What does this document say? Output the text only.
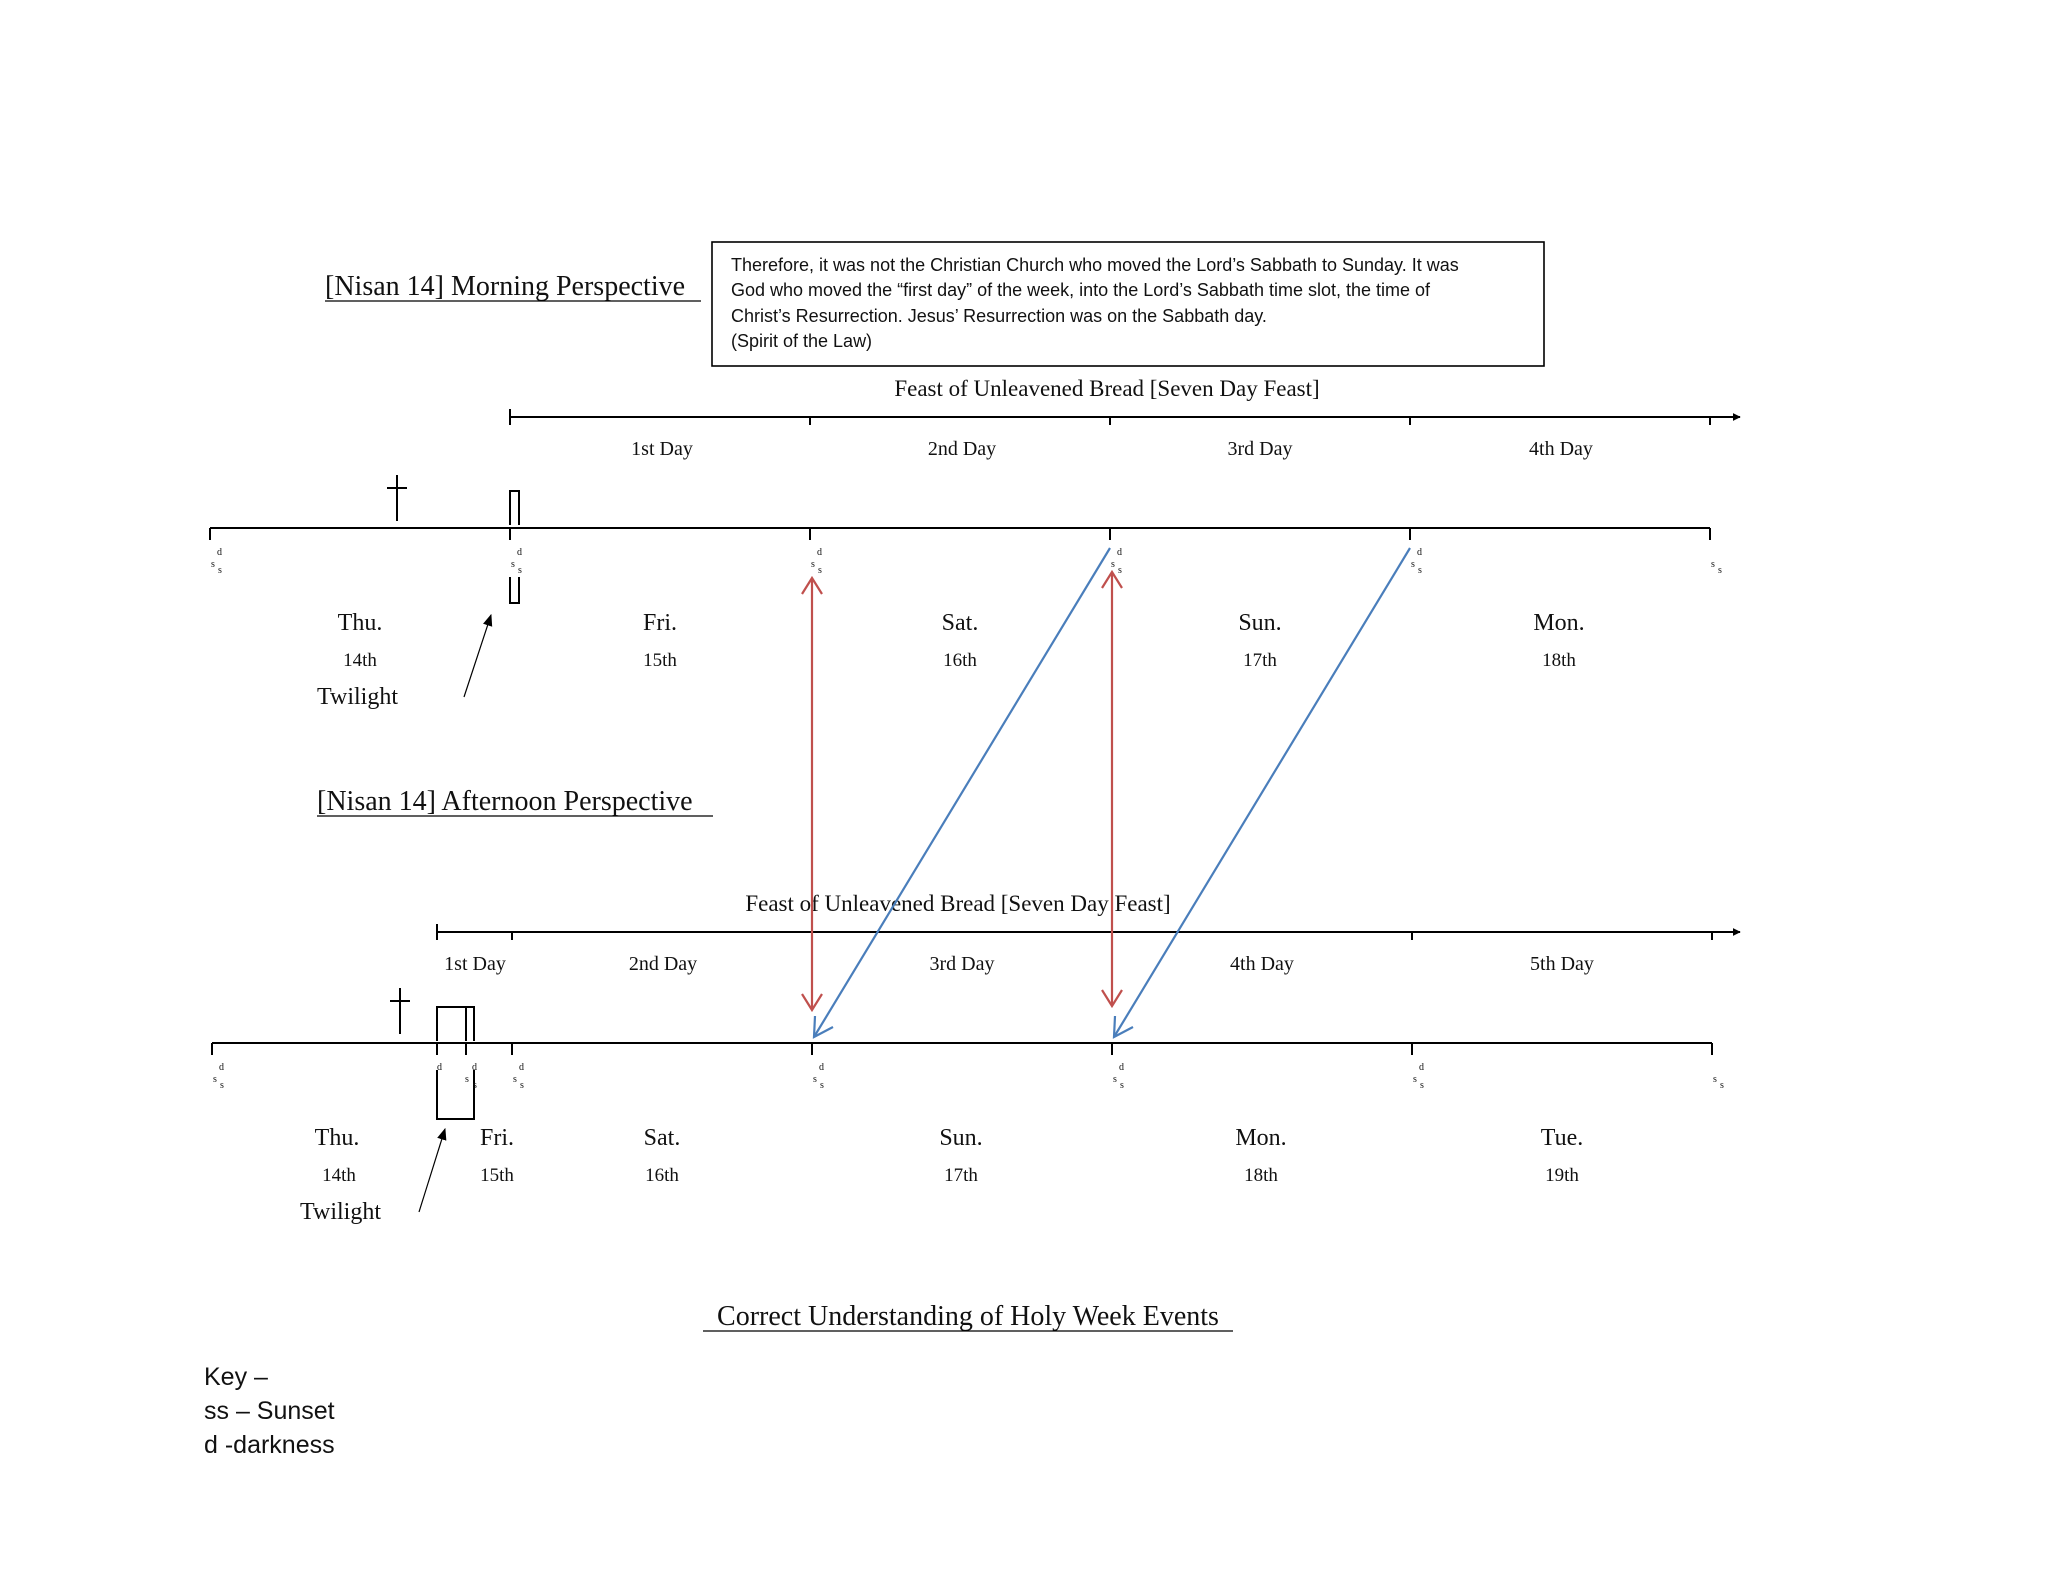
[Nisan 14] Morning Perspective
Therefore, it was not the Christian Church who moved the Lord’s Sabbath to Sunday. It was
God who moved the “first day” of the week, into the Lord’s Sabbath time slot, the time of
Christ’s Resurrection. Jesus’ Resurrection was on the Sabbath day.
(Spirit of the Law)
Feast of Unleavened Bread [Seven Day Feast]
1st Day	2nd Day	3rd Day	4th Day
d
s
s
d
s
s
d
s
s
d
s
s
d
s
s
s
s
Thu.	Fri.	Sat.	Sun.	Mon.
14th	15th	16th	17th	18th
Twilight
[Nisan 14] Afternoon Perspective
Feast of Unleavened Bread [Seven Day Feast]
1st Day	2nd Day	3rd Day	4th Day	5th Day
d
s
s
d	d
s
s
d
s
s
d
s
s
d
s
s
d
s
s
s
s
Thu.	Fri.	Sat.	Sun.	Mon.	Tue.
14th	15th	16th	17th	18th	19th
Twilight
Correct Understanding of Holy Week Events
Key –
ss – Sunset
d -darkness
